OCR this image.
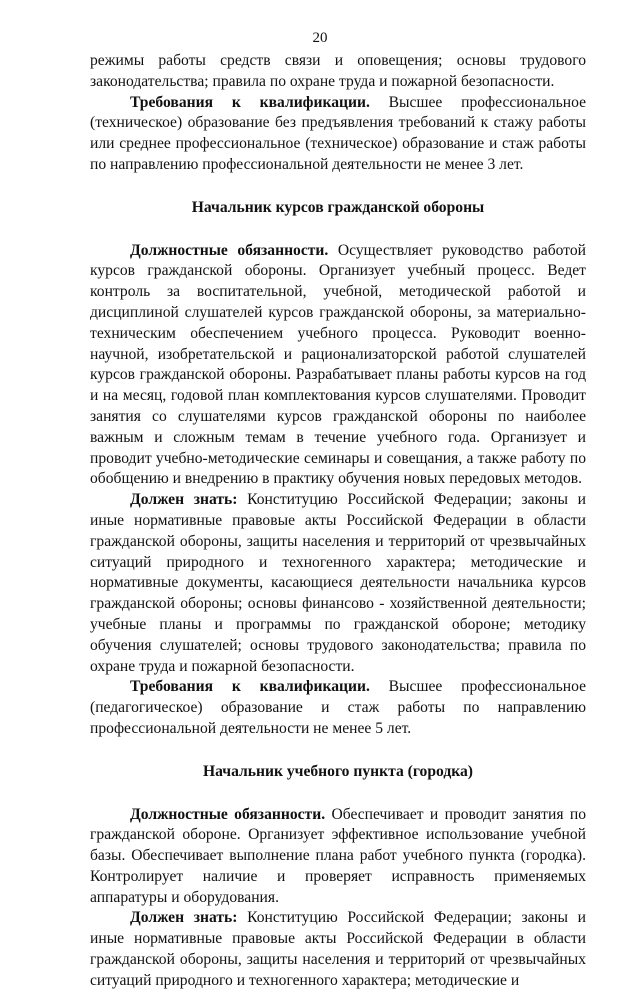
20

режимы работы средств связи и оповещения; основы трудового законодательства; правила по охране труда и пожарной безопасности.

Требования к квалификации. Высшее профессиональное (техническое) образование без предъявления требований к стажу работы или среднее профессиональное (техническое) образование и стаж работы по направлению профессиональной деятельности не менее 3 лет.

Начальник курсов гражданской обороны

Должностные обязанности. Осуществляет руководство работой курсов гражданской обороны. Организует учебный процесс. Ведет контроль за воспитательной, учебной, методической работой и дисциплиной слушателей курсов гражданской обороны, за материально-техническим обеспечением учебного процесса. Руководит военно-научной, изобретательской и рационализаторской работой слушателей курсов гражданской обороны. Разрабатывает планы работы курсов на год и на месяц, годовой план комплектования курсов слушателями. Проводит занятия со слушателями курсов гражданской обороны по наиболее важным и сложным темам в течение учебного года. Организует и проводит учебно-методические семинары и совещания, а также работу по обобщению и внедрению в практику обучения новых передовых методов.

Должен знать: Конституцию Российской Федерации; законы и иные нормативные правовые акты Российской Федерации в области гражданской обороны, защиты населения и территорий от чрезвычайных ситуаций природного и техногенного характера; методические и нормативные документы, касающиеся деятельности начальника курсов гражданской обороны; основы финансово - хозяйственной деятельности; учебные планы и программы по гражданской обороне; методику обучения слушателей; основы трудового законодательства; правила по охране труда и пожарной безопасности.

Требования к квалификации. Высшее профессиональное (педагогическое) образование и стаж работы по направлению профессиональной деятельности не менее 5 лет.

Начальник учебного пункта (городка)

Должностные обязанности. Обеспечивает и проводит занятия по гражданской обороне. Организует эффективное использование учебной базы. Обеспечивает выполнение плана работ учебного пункта (городка). Контролирует наличие и проверяет исправность применяемых аппаратуры и оборудования.

Должен знать: Конституцию Российской Федерации; законы и иные нормативные правовые акты Российской Федерации в области гражданской обороны, защиты населения и территорий от чрезвычайных ситуаций природного и техногенного характера; методические и
